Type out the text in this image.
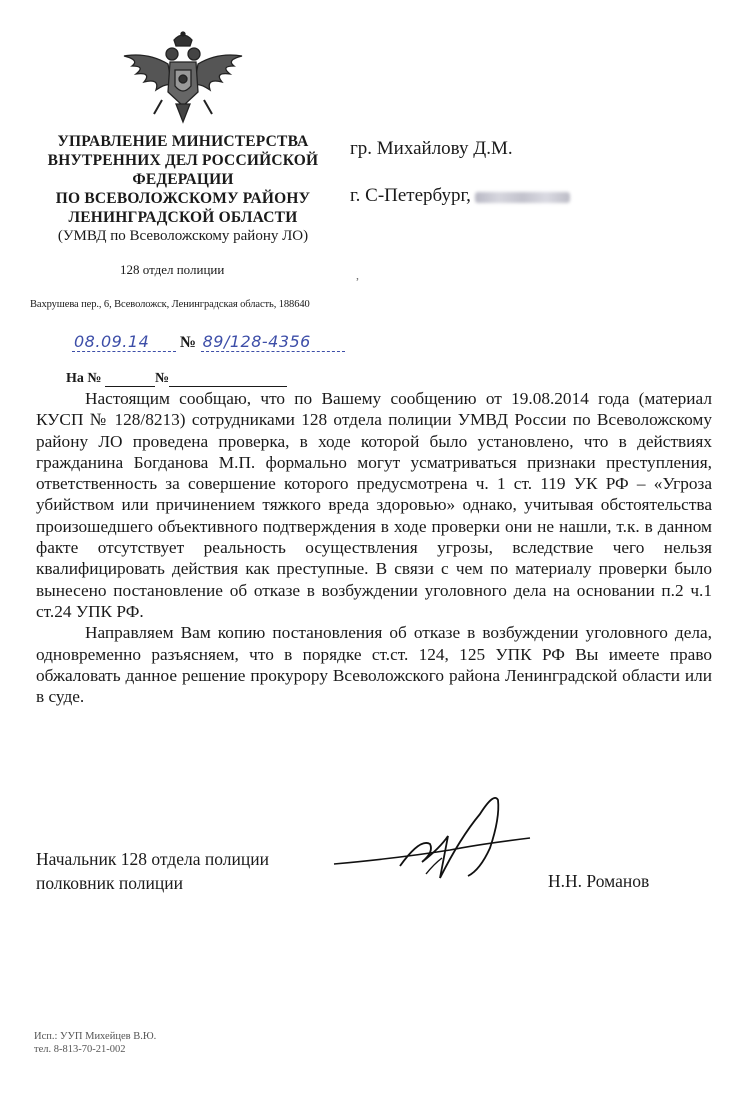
УПРАВЛЕНИЕ МИНИСТЕРСТВА
ВНУТРЕННИХ ДЕЛ РОССИЙСКОЙ
ФЕДЕРАЦИИ
ПО ВСЕВОЛОЖСКОМУ РАЙОНУ
ЛЕНИНГРАДСКОЙ ОБЛАСТИ
(УМВД по Всеволожскому району ЛО)
128 отдел полиции
Вахрушева пер., 6, Всеволожск, Ленинградская область, 188640
гр. Михайлову Д.М.
г. С-Петербург,
,
08.09.14 № 89/128-4356
На №	№

Настоящим сообщаю, что по Вашему сообщению от 19.08.2014 года (материал КУСП № 128/8213) сотрудниками 128 отдела полиции УМВД России по Всеволожскому району ЛО проведена проверка, в ходе которой было установлено, что в действиях гражданина Богданова М.П. формально могут усматриваться признаки преступления, ответственность за совершение которого предусмотрена ч. 1 ст. 119 УК РФ – «Угроза убийством или причинением тяжкого вреда здоровью» однако, учитывая обстоятельства произошедшего объективного подтверждения в ходе проверки они не нашли, т.к. в данном факте отсутствует реальность осуществления угрозы, вследствие чего нельзя квалифицировать действия как преступные. В связи с чем по материалу проверки было вынесено постановление об отказе в возбуждении уголовного дела на основании п.2 ч.1 ст.24 УПК РФ.

Направляем Вам копию постановления об отказе в возбуждении уголовного дела, одновременно разъясняем, что в порядке ст.ст. 124, 125 УПК РФ Вы имеете право обжаловать данное решение прокурору Всеволожского района Ленинградской области или в суде.

Начальник 128 отдела полиции
полковник полиции	Н.Н. Романов
Исп.: УУП Михейцев В.Ю.
тел. 8-813-70-21-002
